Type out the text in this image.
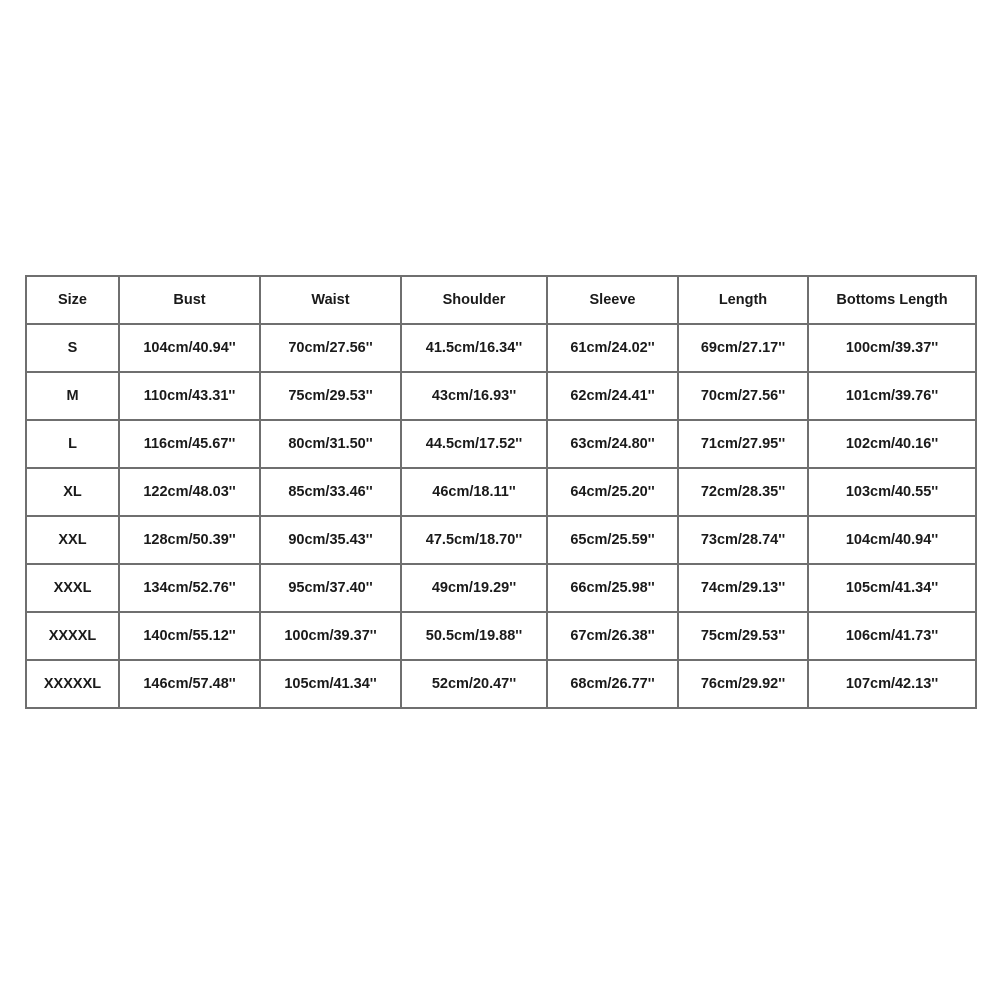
Size	Bust	Waist	Shoulder	Sleeve	Length	Bottoms Length
S	104cm/40.94''	70cm/27.56''	41.5cm/16.34''	61cm/24.02''	69cm/27.17''	100cm/39.37''
M	110cm/43.31''	75cm/29.53''	43cm/16.93''	62cm/24.41''	70cm/27.56''	101cm/39.76''
L	116cm/45.67''	80cm/31.50''	44.5cm/17.52''	63cm/24.80''	71cm/27.95''	102cm/40.16''
XL	122cm/48.03''	85cm/33.46''	46cm/18.11''	64cm/25.20''	72cm/28.35''	103cm/40.55''
XXL	128cm/50.39''	90cm/35.43''	47.5cm/18.70''	65cm/25.59''	73cm/28.74''	104cm/40.94''
XXXL	134cm/52.76''	95cm/37.40''	49cm/19.29''	66cm/25.98''	74cm/29.13''	105cm/41.34''
XXXXL	140cm/55.12''	100cm/39.37''	50.5cm/19.88''	67cm/26.38''	75cm/29.53''	106cm/41.73''
XXXXXL	146cm/57.48''	105cm/41.34''	52cm/20.47''	68cm/26.77''	76cm/29.92''	107cm/42.13''
